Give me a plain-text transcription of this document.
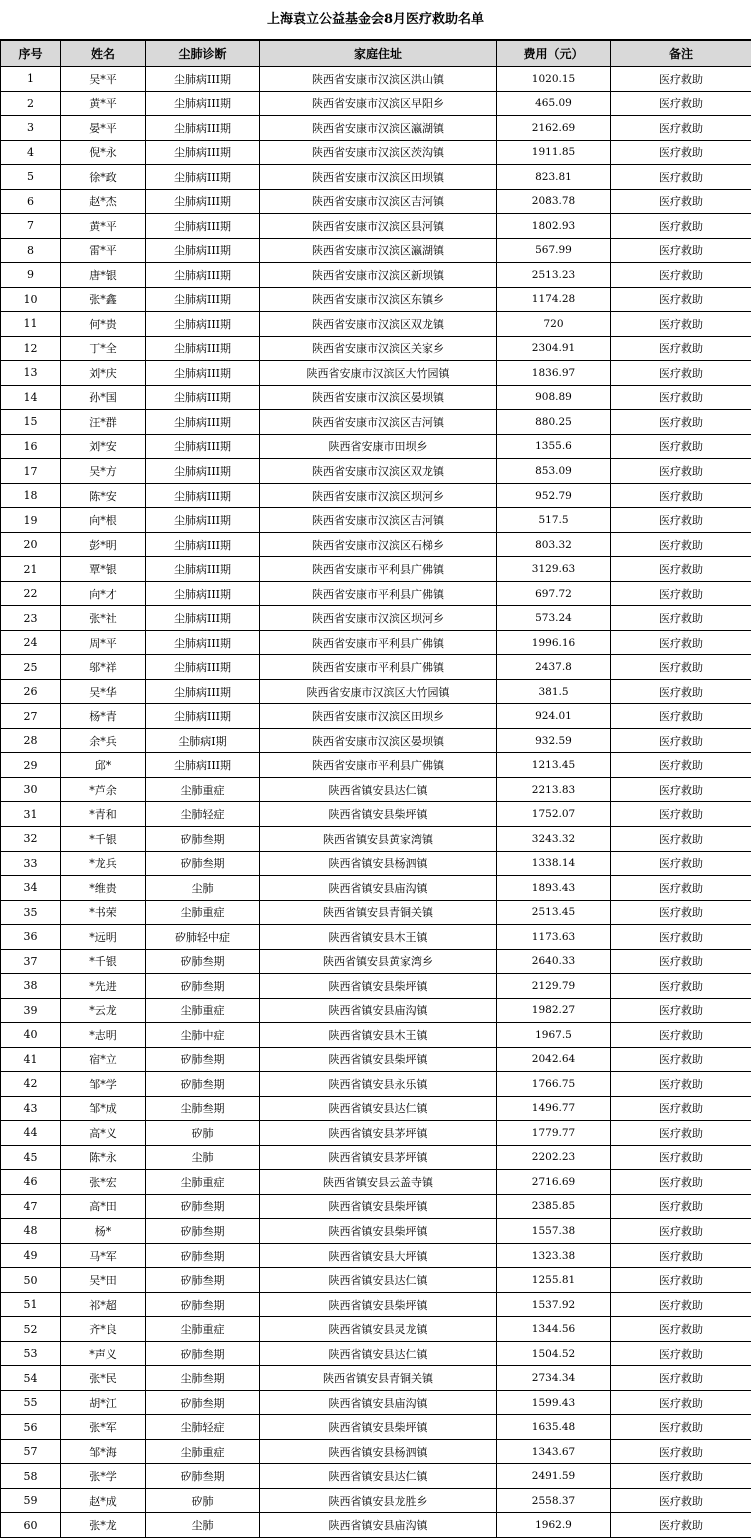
上海袁立公益基金会8月医疗救助名单
序号	姓名	尘肺诊断	家庭住址	费用（元）	备注
1	吴*平	尘肺病III期	陕西省安康市汉滨区洪山镇	1020.15	医疗救助
2	黄*平	尘肺病III期	陕西省安康市汉滨区早阳乡	465.09	医疗救助
3	晏*平	尘肺病III期	陕西省安康市汉滨区瀛湖镇	2162.69	医疗救助
4	倪*永	尘肺病III期	陕西省安康市汉滨区茨沟镇	1911.85	医疗救助
5	徐*政	尘肺病III期	陕西省安康市汉滨区田坝镇	823.81	医疗救助
6	赵*杰	尘肺病III期	陕西省安康市汉滨区吉河镇	2083.78	医疗救助
7	黄*平	尘肺病III期	陕西省安康市汉滨区县河镇	1802.93	医疗救助
8	雷*平	尘肺病III期	陕西省安康市汉滨区瀛湖镇	567.99	医疗救助
9	唐*银	尘肺病III期	陕西省安康市汉滨区新坝镇	2513.23	医疗救助
10	张*鑫	尘肺病III期	陕西省安康市汉滨区东镇乡	1174.28	医疗救助
11	何*贵	尘肺病III期	陕西省安康市汉滨区双龙镇	720	医疗救助
12	丁*全	尘肺病III期	陕西省安康市汉滨区关家乡	2304.91	医疗救助
13	刘*庆	尘肺病III期	陕西省安康市汉滨区大竹园镇	1836.97	医疗救助
14	孙*国	尘肺病III期	陕西省安康市汉滨区晏坝镇	908.89	医疗救助
15	汪*群	尘肺病III期	陕西省安康市汉滨区吉河镇	880.25	医疗救助
16	刘*安	尘肺病III期	陕西省安康市田坝乡	1355.6	医疗救助
17	吴*方	尘肺病III期	陕西省安康市汉滨区双龙镇	853.09	医疗救助
18	陈*安	尘肺病III期	陕西省安康市汉滨区坝河乡	952.79	医疗救助
19	向*根	尘肺病III期	陕西省安康市汉滨区吉河镇	517.5	医疗救助
20	彭*明	尘肺病III期	陕西省安康市汉滨区石梯乡	803.32	医疗救助
21	覃*银	尘肺病III期	陕西省安康市平利县广佛镇	3129.63	医疗救助
22	向*才	尘肺病III期	陕西省安康市平利县广佛镇	697.72	医疗救助
23	张*社	尘肺病III期	陕西省安康市汉滨区坝河乡	573.24	医疗救助
24	周*平	尘肺病III期	陕西省安康市平利县广佛镇	1996.16	医疗救助
25	邬*祥	尘肺病III期	陕西省安康市平利县广佛镇	2437.8	医疗救助
26	吴*华	尘肺病III期	陕西省安康市汉滨区大竹园镇	381.5	医疗救助
27	杨*青	尘肺病III期	陕西省安康市汉滨区田坝乡	924.01	医疗救助
28	余*兵	尘肺病I期	陕西省安康市汉滨区晏坝镇	932.59	医疗救助
29	邱*	尘肺病III期	陕西省安康市平利县广佛镇	1213.45	医疗救助
30	*芦余	尘肺重症	陕西省镇安县达仁镇	2213.83	医疗救助
31	*青和	尘肺轻症	陕西省镇安县柴坪镇	1752.07	医疗救助
32	*千银	矽肺叁期	陕西省镇安县黄家湾镇	3243.32	医疗救助
33	*龙兵	矽肺叁期	陕西省镇安县杨泗镇	1338.14	医疗救助
34	*维贵	尘肺	陕西省镇安县庙沟镇	1893.43	医疗救助
35	*书荣	尘肺重症	陕西省镇安县青铜关镇	2513.45	医疗救助
36	*远明	矽肺轻中症	陕西省镇安县木王镇	1173.63	医疗救助
37	*千银	矽肺叁期	陕西省镇安县黄家湾乡	2640.33	医疗救助
38	*先进	矽肺叁期	陕西省镇安县柴坪镇	2129.79	医疗救助
39	*云龙	尘肺重症	陕西省镇安县庙沟镇	1982.27	医疗救助
40	*志明	尘肺中症	陕西省镇安县木王镇	1967.5	医疗救助
41	宿*立	矽肺叁期	陕西省镇安县柴坪镇	2042.64	医疗救助
42	邹*学	矽肺叁期	陕西省镇安县永乐镇	1766.75	医疗救助
43	邹*成	尘肺叁期	陕西省镇安县达仁镇	1496.77	医疗救助
44	高*义	矽肺	陕西省镇安县茅坪镇	1779.77	医疗救助
45	陈*永	尘肺	陕西省镇安县茅坪镇	2202.23	医疗救助
46	张*宏	尘肺重症	陕西省镇安县云盖寺镇	2716.69	医疗救助
47	高*田	矽肺叁期	陕西省镇安县柴坪镇	2385.85	医疗救助
48	杨*	矽肺叁期	陕西省镇安县柴坪镇	1557.38	医疗救助
49	马*军	矽肺叁期	陕西省镇安县大坪镇	1323.38	医疗救助
50	吴*田	矽肺叁期	陕西省镇安县达仁镇	1255.81	医疗救助
51	祁*超	矽肺叁期	陕西省镇安县柴坪镇	1537.92	医疗救助
52	齐*良	尘肺重症	陕西省镇安县灵龙镇	1344.56	医疗救助
53	*声义	矽肺叁期	陕西省镇安县达仁镇	1504.52	医疗救助
54	张*民	尘肺叁期	陕西省镇安县青铜关镇	2734.34	医疗救助
55	胡*江	矽肺叁期	陕西省镇安县庙沟镇	1599.43	医疗救助
56	张*军	尘肺轻症	陕西省镇安县柴坪镇	1635.48	医疗救助
57	邹*海	尘肺重症	陕西省镇安县杨泗镇	1343.67	医疗救助
58	张*学	矽肺叁期	陕西省镇安县达仁镇	2491.59	医疗救助
59	赵*成	矽肺	陕西省镇安县龙胜乡	2558.37	医疗救助
60	张*龙	尘肺	陕西省镇安县庙沟镇	1962.9	医疗救助
